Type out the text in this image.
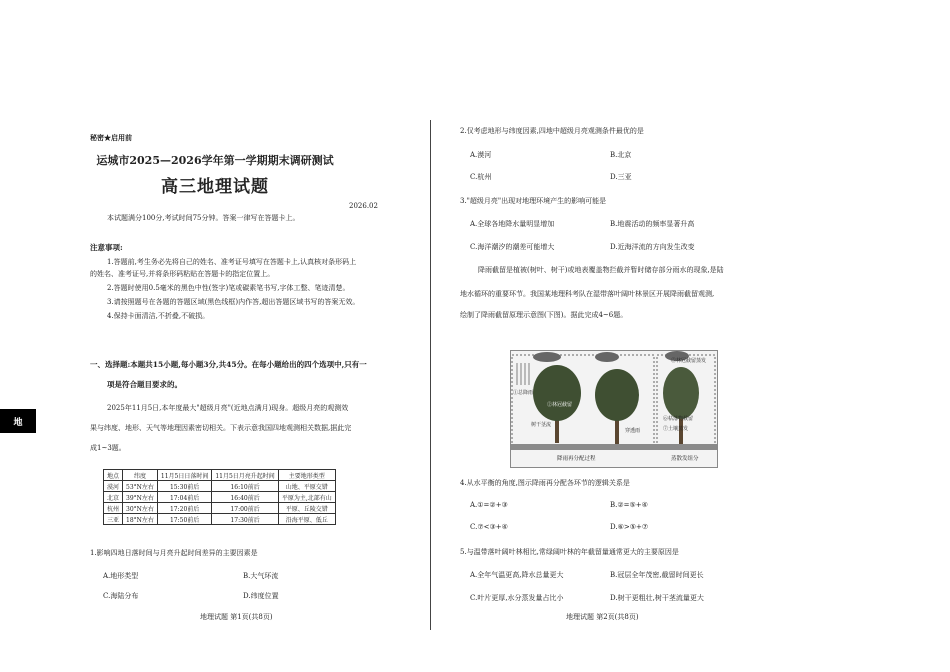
地
秘密★启用前
运城市2025—2026学年第一学期期末调研测试
高三地理试题
2026.02
本试题满分100分,考试时间75分钟。答案一律写在答题卡上。
注意事项:
1.答题前,考生务必先将自己的姓名、准考证号填写在答题卡上,认真核对条形码上
的姓名、准考证号,并将条形码粘贴在答题卡的指定位置上。
2.答题时使用0.5毫米的黑色中性(签字)笔或碳素笔书写,字体工整、笔迹清楚。
3.请按照题号在各题的答题区域(黑色线框)内作答,超出答题区域书写的答案无效。
4.保持卡面清洁,不折叠,不破损。
一、选择题:本题共15小题,每小题3分,共45分。在每小题给出的四个选项中,只有一
项是符合题目要求的。
2025年11月5日,本年度最大"超级月亮"(近地点满月)现身。超级月亮的观测效
果与纬度、地形、天气等地理因素密切相关。下表示意我国四地观测相关数据,据此完
成1~3题。
地点	纬度	11月5日日落时间	11月5日月亮升起时间	主要地形类型
漠河	53°N左右	15:30前后	16:10前后	山地、平原交错
北京	39°N左右	17:04前后	16:40前后	平原为主,北部有山
杭州	30°N左右	17:20前后	17:00前后	平原、丘陵交错
三亚	18°N左右	17:50前后	17:30前后	沿海平原、低丘
1.影响四地日落时间与月亮升起时间差异的主要因素是
A.地形类型	B.大气环流
C.海陆分布	D.纬度位置
地理试题 第1页(共8页)
2.仅考虑地形与纬度因素,四地中超级月亮观测条件最优的是
A.漠河	B.北京
C.杭州	D.三亚
3."超级月亮"出现对地理环境产生的影响可能是
A.全球各地降水量明显增加	B.地震活动的频率显著升高
C.海洋潮汐的潮差可能增大	D.近海洋流的方向发生改变
降雨截留是植被(树叶、树干)或地表覆盖物拦截并暂时储存部分雨水的现象,是陆
地水循环的重要环节。我国某地理科考队在湿带落叶阔叶林景区开展降雨截留观测,
绘制了降雨截留原理示意图(下图)。据此完成4~6题。
①总降雨
②林冠截留
树干茎流
穿透雨
⑤林冠截留蒸发
⑥枯落物截留
⑦土壤蒸发
降雨再分配过程	蒸散发组分
4.从水平衡的角度,图示降雨再分配各环节的逻辑关系是
A.①=②+③	B.②=⑤+④
C.⑦<③+④	D.⑥>⑤+⑦
5.与温带落叶阔叶林相比,常绿阔叶林的年截留量通常更大的主要原因是
A.全年气温更高,降水总量更大	B.冠层全年茂密,截留时间更长
C.叶片更厚,水分蒸发量占比小	D.树干更粗壮,树干茎流量更大
地理试题 第2页(共8页)
